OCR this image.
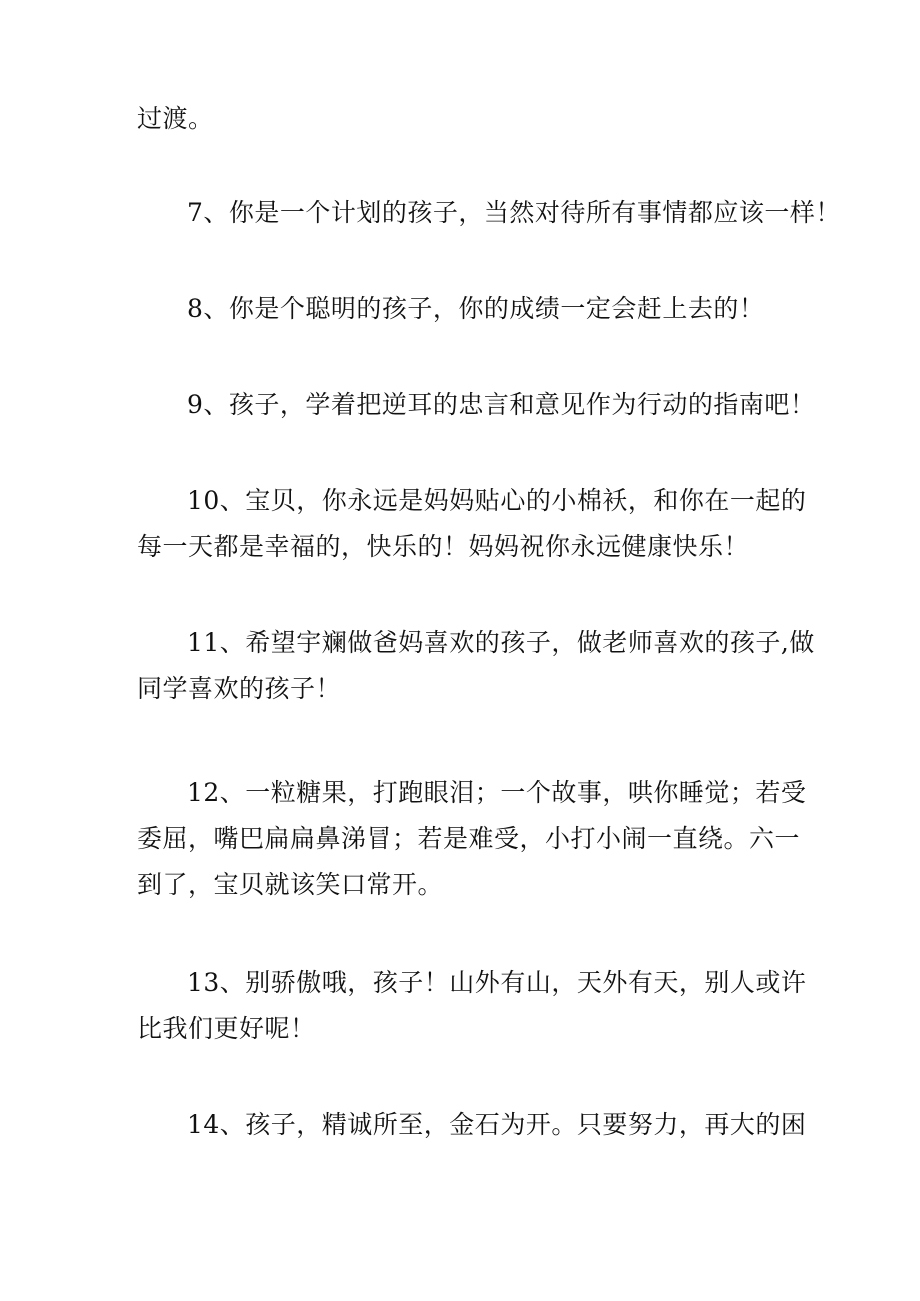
过渡。
7、你是一个计划的孩子，当然对待所有事情都应该一样！
8、你是个聪明的孩子，你的成绩一定会赶上去的！
9、孩子，学着把逆耳的忠言和意见作为行动的指南吧！
10、宝贝，你永远是妈妈贴心的小棉袄，和你在一起的
每一天都是幸福的，快乐的！妈妈祝你永远健康快乐！
11、希望宇斓做爸妈喜欢的孩子，做老师喜欢的孩子,做
同学喜欢的孩子！
12、一粒糖果，打跑眼泪；一个故事，哄你睡觉；若受
委屈，嘴巴扁扁鼻涕冒；若是难受，小打小闹一直绕。六一
到了，宝贝就该笑口常开。
13、别骄傲哦，孩子！山外有山，天外有天，别人或许
比我们更好呢！
14、孩子，精诚所至，金石为开。只要努力，再大的困
